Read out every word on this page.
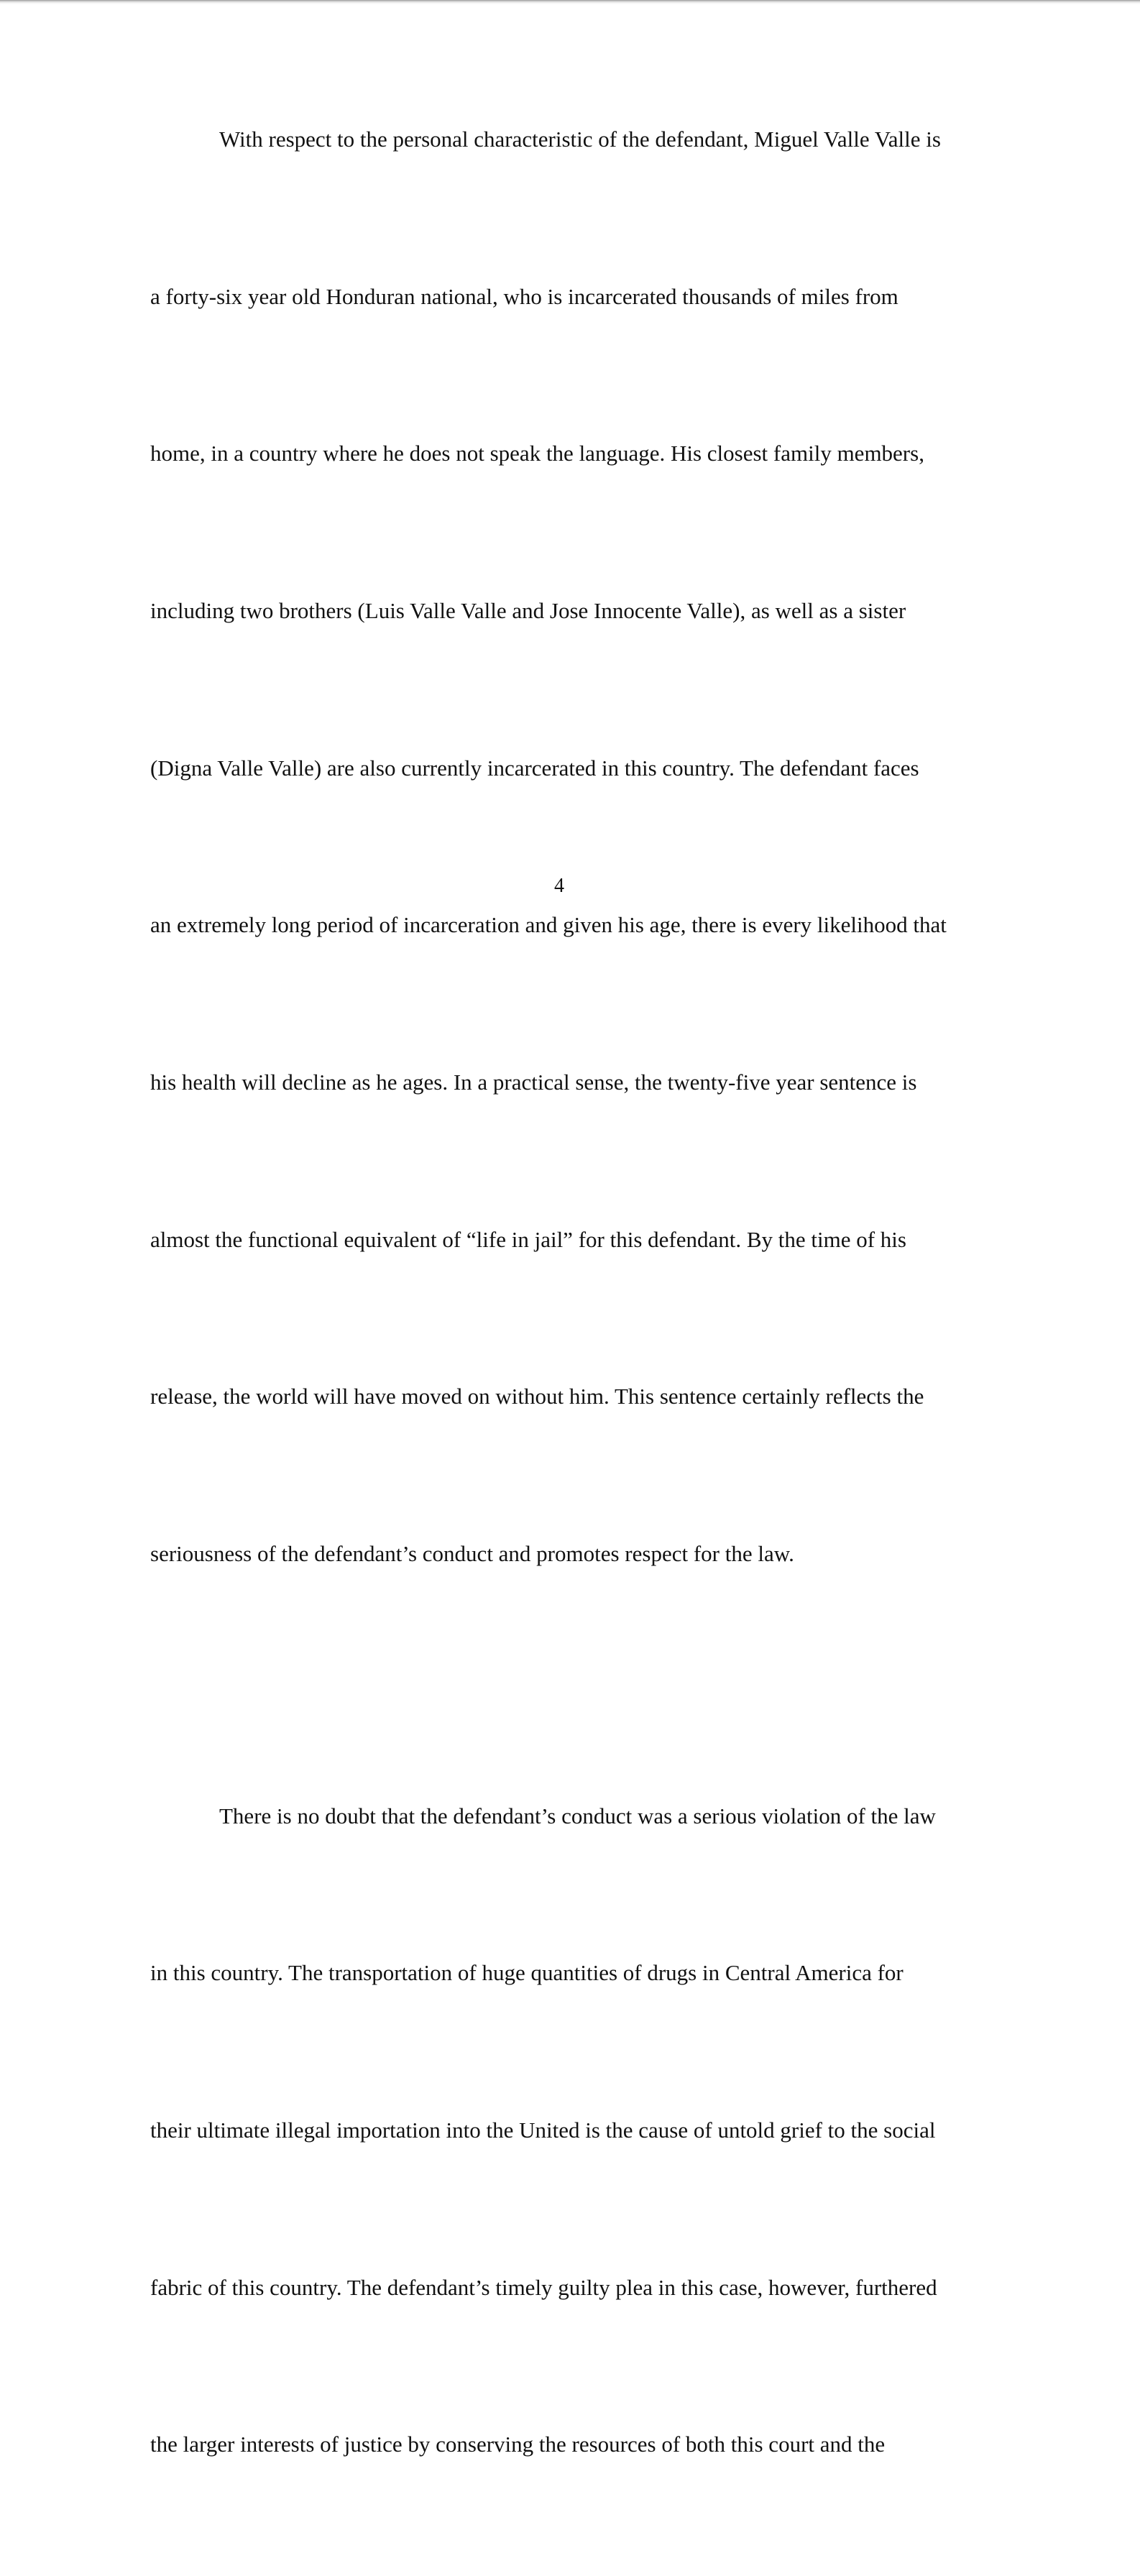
With respect to the personal characteristic of the defendant, Miguel Valle Valle is

a forty-six year old Honduran national, who is incarcerated thousands of miles from

home, in a country where he does not speak the language. His closest family members,

including two brothers (Luis Valle Valle and Jose Innocente Valle), as well as a sister

(Digna Valle Valle) are also currently incarcerated in this country. The defendant faces

an extremely long period of incarceration and given his age, there is every likelihood that

his health will decline as he ages. In a practical sense, the twenty-five year sentence is

almost the functional equivalent of “life in jail” for this defendant. By the time of his

release, the world will have moved on without him. This sentence certainly reflects the

seriousness of the defendant’s conduct and promotes respect for the law.

There is no doubt that the defendant’s conduct was a serious violation of the law

in this country. The transportation of huge quantities of drugs in Central America for

their ultimate illegal importation into the United is the cause of untold grief to the social

fabric of this country. The defendant’s timely guilty plea in this case, however, furthered

the larger interests of justice by conserving the resources of both this court and the

4
